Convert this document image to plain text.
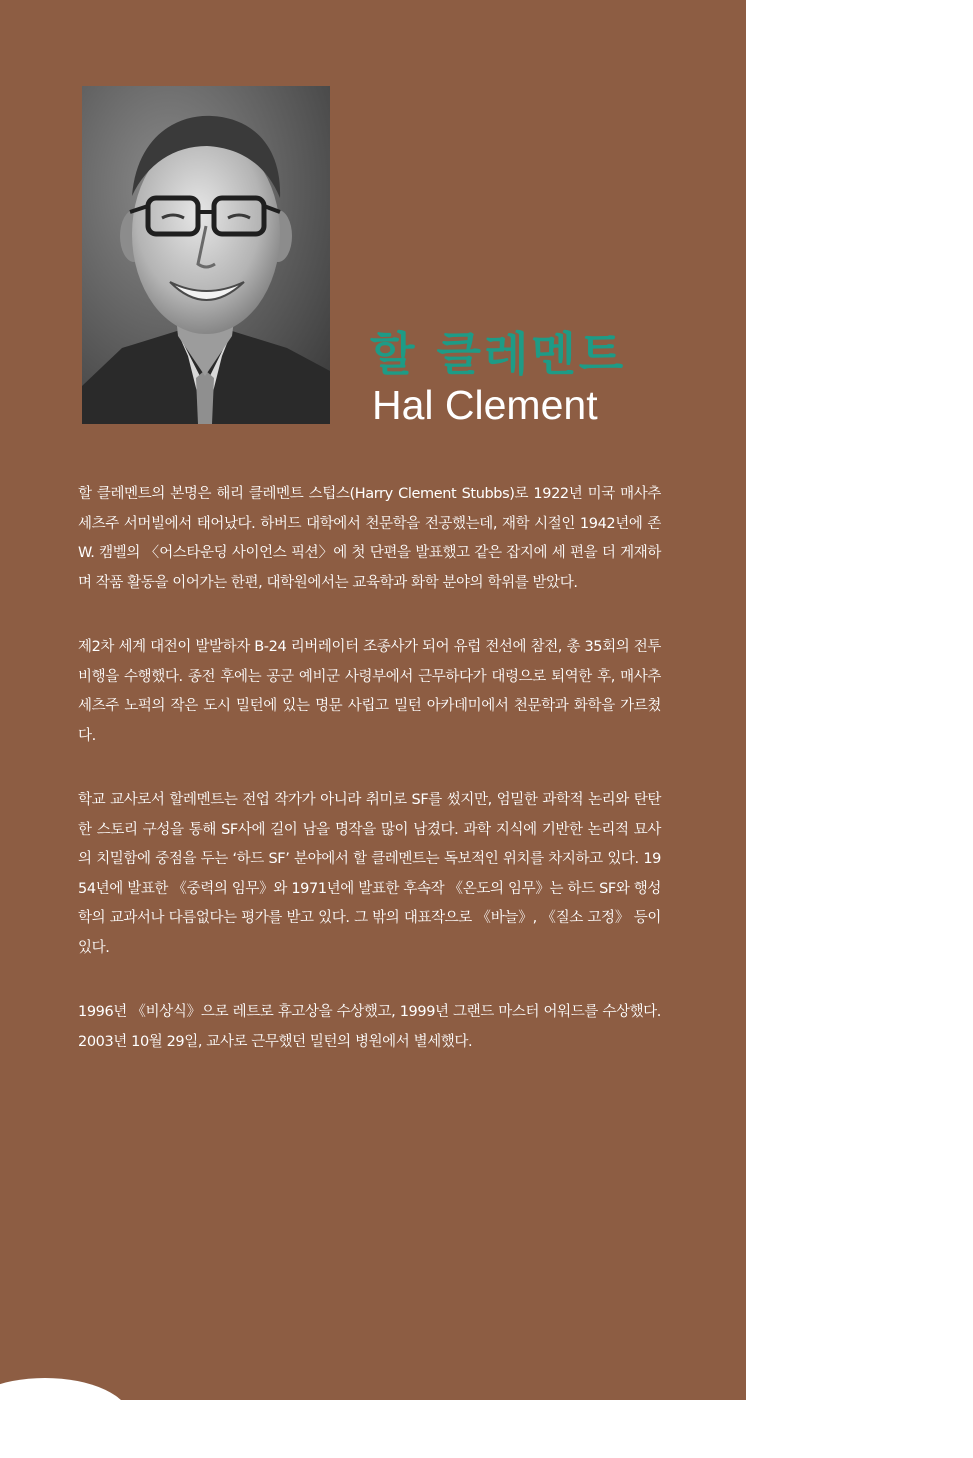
할 클레멘트
Hal Clement

할 클레멘트의 본명은 해리 클레멘트 스텁스(Harry Clement Stubbs)로 1922년 미국 매사추세츠주 서머빌에서 태어났다. 하버드 대학에서 천문학을 전공했는데, 재학 시절인 1942년에 존 W. 캠벨의 〈어스타운딩 사이언스 픽션〉에 첫 단편을 발표했고 같은 잡지에 세 편을 더 게재하며 작품 활동을 이어가는 한편, 대학원에서는 교육학과 화학 분야의 학위를 받았다.

제2차 세계 대전이 발발하자 B-24 리버레이터 조종사가 되어 유럽 전선에 참전, 총 35회의 전투비행을 수행했다. 종전 후에는 공군 예비군 사령부에서 근무하다가 대령으로 퇴역한 후, 매사추세츠주 노퍽의 작은 도시 밀턴에 있는 명문 사립고 밀턴 아카데미에서 천문학과 화학을 가르쳤다.

학교 교사로서 할레멘트는 전업 작가가 아니라 취미로 SF를 썼지만, 엄밀한 과학적 논리와 탄탄한 스토리 구성을 통해 SF사에 길이 남을 명작을 많이 남겼다. 과학 지식에 기반한 논리적 묘사의 치밀함에 중점을 두는 ‘하드 SF’ 분야에서 할 클레멘트는 독보적인 위치를 차지하고 있다. 1954년에 발표한 《중력의 임무》와 1971년에 발표한 후속작 《온도의 임무》는 하드 SF와 행성학의 교과서나 다름없다는 평가를 받고 있다. 그 밖의 대표작으로 《바늘》, 《질소 고정》 등이 있다.

1996년 《비상식》으로 레트로 휴고상을 수상했고, 1999년 그랜드 마스터 어워드를 수상했다. 2003년 10월 29일, 교사로 근무했던 밀턴의 병원에서 별세했다.
